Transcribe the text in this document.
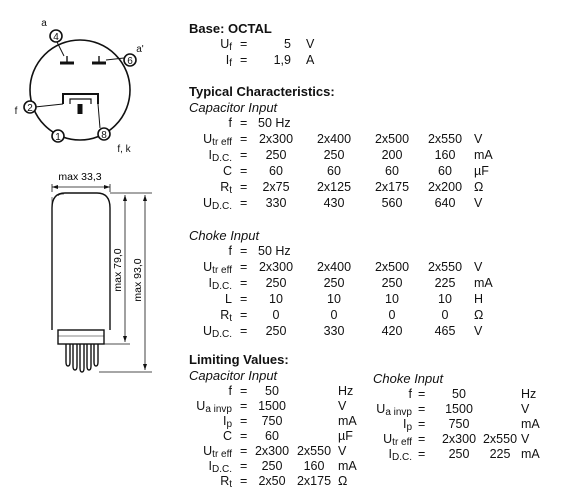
4
6
2
1	8
a
a'
f
f, k
max 33,3
max 79,0 max 93,0
Base: OCTAL
Uf =	5 V
If = 1,9 A
Typical Characteristics:
Capacitor Input
f = 50 Hz
Utr eff = 2x300 2x400 2x500 2x550 V
ID.C. = 250	250	200	160 mA
C = 60	60	60	60 µF
Rt = 2x75 2x125 2x175 2x200 Ω
UD.C. = 330	430	560	640 V
Choke Input
f = 50 Hz
Utr eff = 2x300 2x400 2x500 2x550 V
ID.C. = 250	250	250	225 mA
L = 10	10	10	10 H
Rt = 0	0	0	0 Ω
UD.C. = 250	330	420	465 V
Limiting Values:
Capacitor Input
f = 50	Hz
Ua invp = 1500	V
Ip = 750	mA
C = 60	µF
Utr eff = 2x300 2x550 V
ID.C. = 250 160 mA
Rt = 2x50 2x175 Ω
Choke Input
f = 50	Hz
Ua invp = 1500	V
Ip = 750	mA
Utr eff = 2x300 2x550 V
ID.C. = 250 225 mA
